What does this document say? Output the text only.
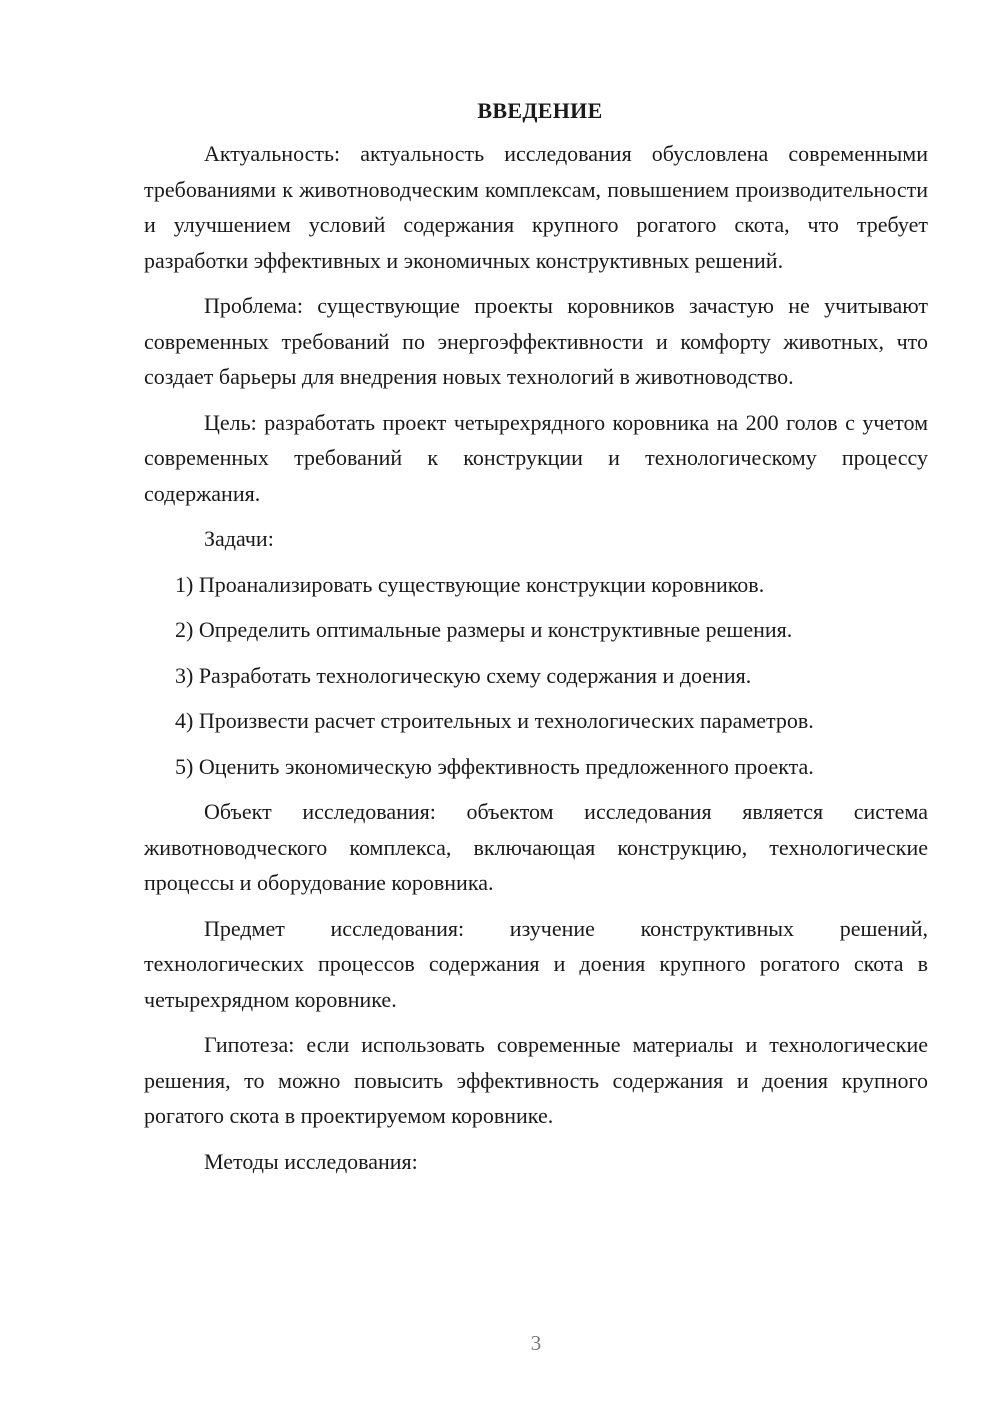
ВВЕДЕНИЕ

Актуальность: актуальность исследования обусловлена современными требованиями к животноводческим комплексам, повышением производительности и улучшением условий содержания крупного рогатого скота, что требует разработки эффективных и экономичных конструктивных решений.

Проблема: существующие проекты коровников зачастую не учитывают современных требований по энергоэффективности и комфорту животных, что создает барьеры для внедрения новых технологий в животноводство.

Цель: разработать проект четырехрядного коровника на 200 голов с учетом современных требований к конструкции и технологическому процессу содержания.

Задачи:

1) Проанализировать существующие конструкции коровников.
2) Определить оптимальные размеры и конструктивные решения.
3) Разработать технологическую схему содержания и доения.
4) Произвести расчет строительных и технологических параметров.
5) Оценить экономическую эффективность предложенного проекта.

Объект исследования: объектом исследования является система животноводческого комплекса, включающая конструкцию, технологические процессы и оборудование коровника.

Предмет исследования: изучение конструктивных решений, технологических процессов содержания и доения крупного рогатого скота в четырехрядном коровнике.

Гипотеза: если использовать современные материалы и технологические решения, то можно повысить эффективность содержания и доения крупного рогатого скота в проектируемом коровнике.

Методы исследования:

3
